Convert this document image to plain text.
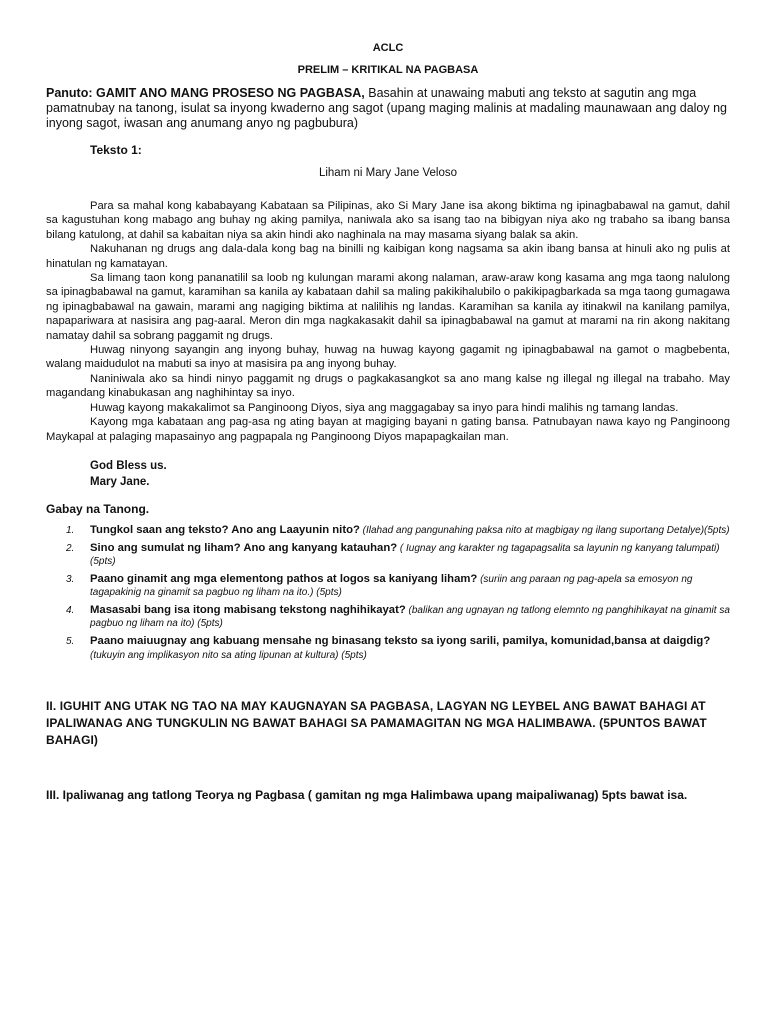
ACLC

PRELIM – KRITIKAL NA PAGBASA

Panuto: GAMIT ANO MANG PROSESO NG PAGBASA, Basahin at unawaing mabuti ang teksto at sagutin ang mga pamatnubay na tanong, isulat sa inyong kwaderno ang sagot (upang maging malinis at madaling maunawaan ang daloy ng inyong sagot, iwasan ang anumang anyo ng pagbubura)

Teksto 1:

Liham ni Mary Jane Veloso

Para sa mahal kong kababayang Kabataan sa Pilipinas, ako Si Mary Jane isa akong biktima ng ipinagbabawal na gamut, dahil sa kagustuhan kong mabago ang buhay ng aking pamilya, naniwala ako sa isang tao na bibigyan niya ako ng trabaho sa ibang bansa bilang katulong, at dahil sa kabaitan niya sa akin hindi ako naghinala na may masama siyang balak sa akin.

Nakuhanan ng drugs ang dala-dala kong bag na binilli ng kaibigan kong nagsama sa akin ibang bansa at hinuli ako ng pulis at hinatulan ng kamatayan.

Sa limang taon kong pananatilil sa loob ng kulungan marami akong nalaman, araw-araw kong kasama ang mga taong nalulong sa ipinagbabawal na gamut, karamihan sa kanila ay kabataan dahil sa maling pakikihalubilo o pakikipagbarkada sa mga taong gumagawa ng ipinagbabawal na gawain, marami ang nagiging biktima at nalilihis ng landas. Karamihan sa kanila ay itinakwil na kanilang pamilya, napapariwara at nasisira ang pag-aaral. Meron din mga nagkakasakit dahil sa ipinagbabawal na gamut at marami na rin akong nakitang namatay dahil sa sobrang paggamit ng drugs.

Huwag ninyong sayangin ang inyong buhay, huwag na huwag kayong gagamit ng ipinagbabawal na gamot o magbebenta, walang maidudulot na mabuti sa inyo at masisira pa ang inyong buhay.

Naniniwala ako sa hindi ninyo paggamit ng drugs o pagkakasangkot sa ano mang kalse ng illegal ng illegal na trabaho. May magandang kinabukasan ang naghihintay sa inyo.

Huwag kayong makakalimot sa Panginoong Diyos, siya ang maggagabay sa inyo para hindi malihis ng tamang landas.

Kayong mga kabataan ang pag-asa ng ating bayan at magiging bayani n gating bansa. Patnubayan nawa kayo ng Panginoong Maykapal at palaging mapasainyo ang pagpapala ng Panginoong Diyos mapapagkailan man.

God Bless us.
Mary Jane.

Gabay na Tanong.

1. Tungkol saan ang teksto? Ano ang Laayunin nito? (Ilahad ang pangunahing paksa nito at magbigay ng ilang suportang Detalye)(5pts)
2. Sino ang sumulat ng liham? Ano ang kanyang katauhan? ( Iugnay ang karakter ng tagapagsalita sa layunin ng kanyang talumpati) (5pts)
3. Paano ginamit ang mga elementong pathos at logos sa kaniyang liham? (suriin ang paraan ng pag-apela sa emosyon ng tagapakinig na ginamit sa pagbuo ng liham na ito.) (5pts)
4. Masasabi bang isa itong mabisang tekstong naghihikayat? (balikan ang ugnayan ng tatlong elemnto ng panghihikayat na ginamit sa pagbuo ng liham na ito) (5pts)
5. Paano maiuugnay ang kabuang mensahe ng binasang teksto sa iyong sarili, pamilya, komunidad,bansa at daigdig? (tukuyin ang implikasyon nito sa ating lipunan at kultura) (5pts)

II. IGUHIT ANG UTAK NG TAO NA MAY KAUGNAYAN SA PAGBASA, LAGYAN NG LEYBEL ANG BAWAT BAHAGI AT IPALIWANAG ANG TUNGKULIN NG BAWAT BAHAGI SA PAMAMAGITAN NG MGA HALIMBAWA. (5PUNTOS BAWAT BAHAGI)

III. Ipaliwanag ang tatlong Teorya ng Pagbasa ( gamitan ng mga Halimbawa upang maipaliwanag) 5pts bawat isa.
